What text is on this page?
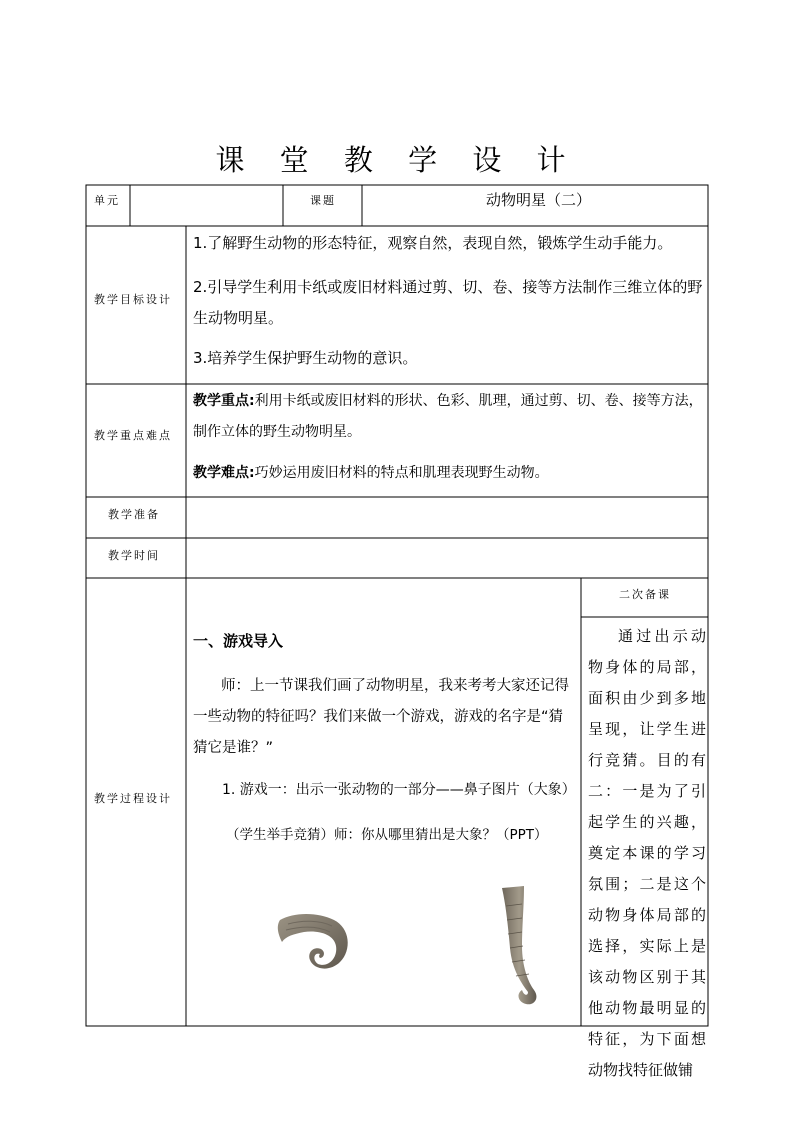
课 堂 教 学 设 计
单元	课题	动物明星（二）
教学目标设计
1.了解野生动物的形态特征，观察自然，表现自然，锻炼学生动手能力。
2.引导学生利用卡纸或废旧材料通过剪、切、卷、接等方法制作三维立体的野生动物明星。
3.培养学生保护野生动物的意识。
教学重点难点
教学重点:利用卡纸或废旧材料的形状、色彩、肌理，通过剪、切、卷、接等方法，制作立体的野生动物明星。
教学难点:巧妙运用废旧材料的特点和肌理表现野生动物。
教学准备
教学时间
教学过程设计
二次备课
一、游戏导入
师：上一节课我们画了动物明星，我来考考大家还记得一些动物的特征吗？我们来做一个游戏，游戏的名字是“猜猜它是谁？”
1. 游戏一：出示一张动物的一部分——鼻子图片（大象）
（学生举手竞猜）师：你从哪里猜出是大象？（PPT）
通过出示动物身体的局部，面积由少到多地呈现，让学生进行竞猜。目的有二：一是为了引起学生的兴趣，奠定本课的学习氛围；二是这个动物身体局部的选择，实际上是该动物区别于其他动物最明显的特征，为下面想动物找特征做铺
